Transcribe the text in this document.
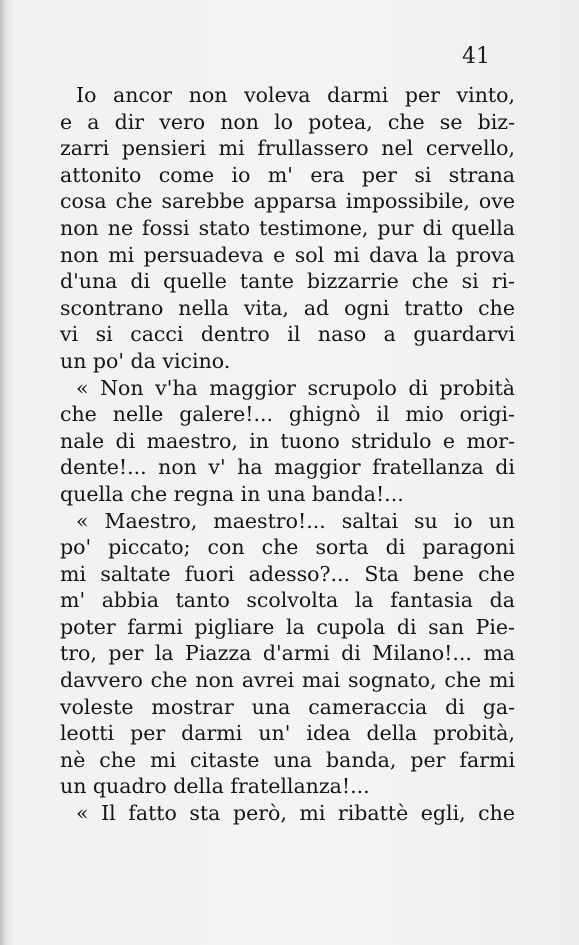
41
Io ancor non voleva darmi per vinto,
e a dir vero non lo potea, che se biz-
zarri pensieri mi frullassero nel cervello,
attonito come io m' era per si strana
cosa che sarebbe apparsa impossibile, ove
non ne fossi stato testimone, pur di quella
non mi persuadeva e sol mi dava la prova
d'una di quelle tante bizzarrie che si ri-
scontrano nella vita, ad ogni tratto che
vi si cacci dentro il naso a guardarvi
un po' da vicino.
« Non v'ha maggior scrupolo di probità
che nelle galere!... ghignò il mio origi-
nale di maestro, in tuono stridulo e mor-
dente!... non v' ha maggior fratellanza di
quella che regna in una banda!...
« Maestro, maestro!... saltai su io un
po' piccato; con che sorta di paragoni
mi saltate fuori adesso?... Sta bene che
m' abbia tanto scolvolta la fantasia da
poter farmi pigliare la cupola di san Pie-
tro, per la Piazza d'armi di Milano!... ma
davvero che non avrei mai sognato, che mi
voleste mostrar una cameraccia di ga-
leotti per darmi un' idea della probità,
nè che mi citaste una banda, per farmi
un quadro della fratellanza!...
« Il fatto sta però, mi ribattè egli, che
